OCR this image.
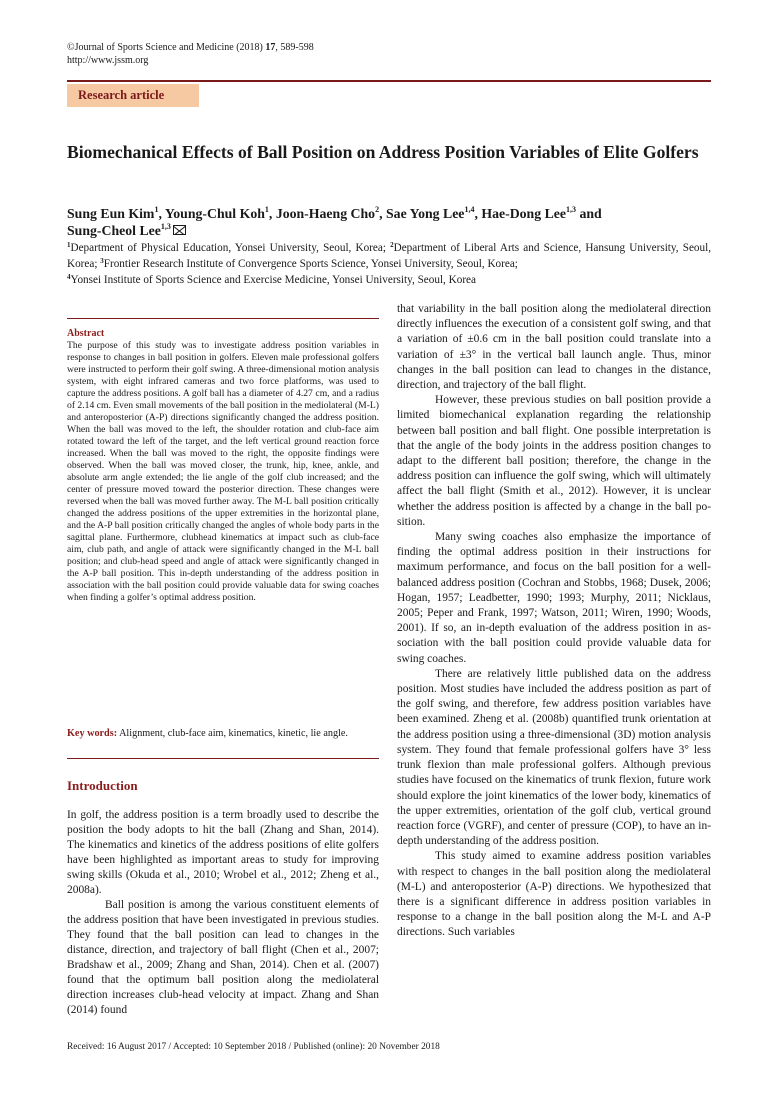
©Journal of Sports Science and Medicine (2018) 17, 589-598
http://www.jssm.org
Research article
Biomechanical Effects of Ball Position on Address Position Variables of Elite Golfers
Sung Eun Kim$^1$, Young-Chul Koh$^1$, Joon-Haeng Cho$^2$, Sae Yong Lee$^{1,4}$, Hae-Dong Lee$^{1,3}$ and
Sung-Cheol Lee$^{1,3}$
$^1$Department of Physical Education, Yonsei University, Seoul, Korea; $^2$Department of Liberal Arts and Science, Hansung University, Seoul, Korea; $^3$Frontier Research Institute of Convergence Sports Science, Yonsei University, Seoul, Korea;
$^4$Yonsei Institute of Sports Science and Exercise Medicine, Yonsei University, Seoul, Korea
Abstract

The purpose of this study was to investigate address position variables in response to changes in ball position in golfers. Eleven male professional golfers were instructed to perform their golf swing. A three-dimensional motion analysis system, with eight infrared cameras and two force platforms, was used to capture the address positions. A golf ball has a diameter of 4.27 cm, and a radius of 2.14 cm. Even small movements of the ball position in the mediolateral (M-L) and anteroposterior (A-P) directions significantly changed the address position. When the ball was moved to the left, the shoulder rotation and club-face aim rotated toward the left of the target, and the left vertical ground reaction force increased. When the ball was moved to the right, the opposite findings were observed. When the ball was moved closer, the trunk, hip, knee, ankle, and absolute arm angle extended; the lie angle of the golf club increased; and the center of pressure moved toward the posterior direction. These changes were reversed when the ball was moved further away. The M-L ball position critically changed the address positions of the upper extremities in the horizontal plane, and the A-P ball position critically changed the angles of whole body parts in the sagittal plane. Furthermore, clubhead kinematics at impact such as club-face aim, club path, and angle of attack were significantly changed in the M-L ball position; and club-head speed and angle of attack were significantly changed in the A-P ball position. This in-depth understanding of the address position in association with the ball position could provide valuable data for swing coaches when finding a golfer’s optimal address position.

Key words: Alignment, club-face aim, kinematics, kinetic, lie angle.
Introduction

In golf, the address position is a term broadly used to describe the position the body adopts to hit the ball (Zhang and Shan, 2014). The kinematics and kinetics of the address positions of elite golfers have been highlighted as important areas to study for improving swing skills (Okuda et al., 2010; Wrobel et al., 2012; Zheng et al., 2008a).

Ball position is among the various constituent elements of the address position that have been investigated in previous studies. They found that the ball position can lead to changes in the distance, direction, and trajectory of ball flight (Chen et al., 2007; Bradshaw et al., 2009; Zhang and Shan, 2014). Chen et al. (2007) found that the optimum ball position along the mediolateral direction increases club-head velocity at impact. Zhang and Shan (2014) found

that variability in the ball position along the mediolateral direction directly influences the execution of a consistent golf swing, and that a variation of ±0.6 cm in the ball position could translate into a variation of ±3° in the vertical ball launch angle. Thus, minor changes in the ball position can lead to changes in the distance, direction, and trajectory of the ball flight.

However, these previous studies on ball position provide a limited biomechanical explanation regarding the relationship between ball position and ball flight. One possible interpretation is that the angle of the body joints in the address position changes to adapt to the different ball position; therefore, the change in the address position can influence the golf swing, which will ultimately affect the ball flight (Smith et al., 2012). However, it is unclear whether the address position is affected by a change in the ball position.

Many swing coaches also emphasize the importance of finding the optimal address position in their instructions for maximum performance, and focus on the ball position for a well-balanced address position (Cochran and Stobbs, 1968; Dusek, 2006; Hogan, 1957; Leadbetter, 1990; 1993; Murphy, 2011; Nicklaus, 2005; Peper and Frank, 1997; Watson, 2011; Wiren, 1990; Woods, 2001). If so, an in-depth evaluation of the address position in association with the ball position could provide valuable data for swing coaches.

There are relatively little published data on the address position. Most studies have included the address position as part of the golf swing, and therefore, few address position variables have been examined. Zheng et al. (2008b) quantified trunk orientation at the address position using a three-dimensional (3D) motion analysis system. They found that female professional golfers have 3° less trunk flexion than male professional golfers. Although previous studies have focused on the kinematics of trunk flexion, future work should explore the joint kinematics of the lower body, kinematics of the upper extremities, orientation of the golf club, vertical ground reaction force (VGRF), and center of pressure (COP), to have an in-depth understanding of the address position.

This study aimed to examine address position variables with respect to changes in the ball position along the mediolateral (M-L) and anteroposterior (A-P) directions. We hypothesized that there is a significant difference in address position variables in response to a change in the ball position along the M-L and A-P directions. Such variables

Received: 16 August 2017 / Accepted: 10 September 2018 / Published (online): 20 November 2018
